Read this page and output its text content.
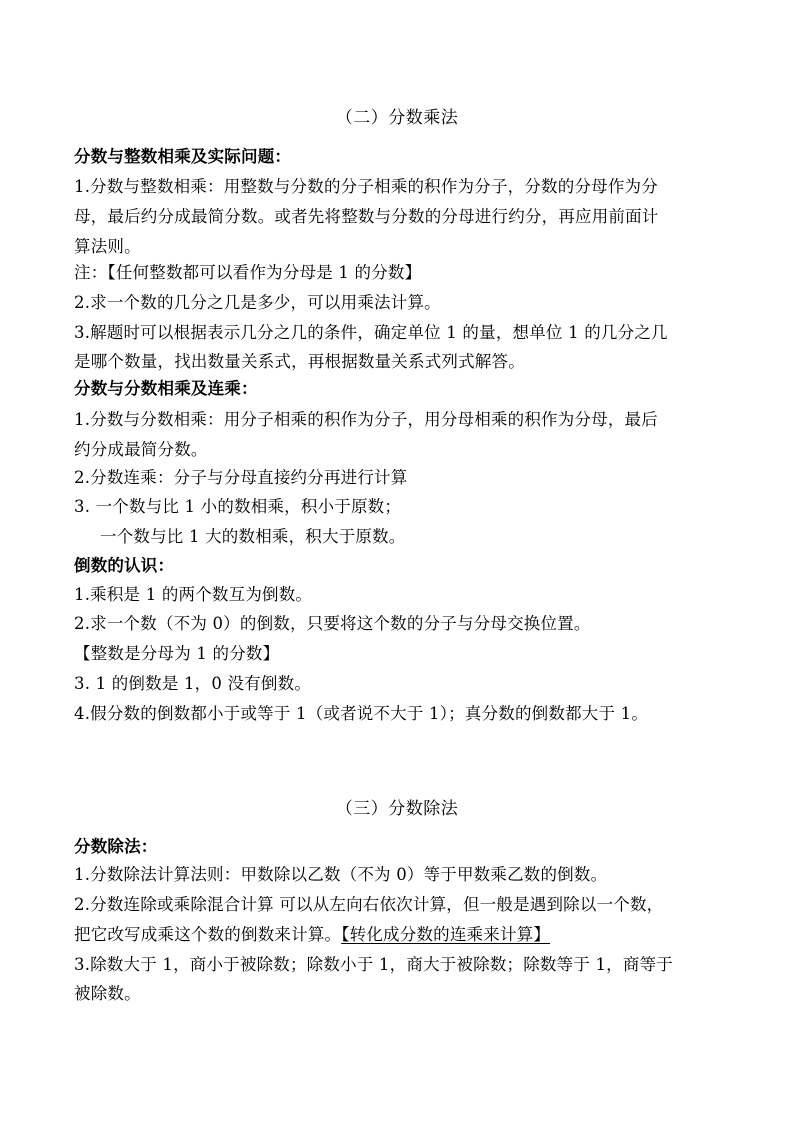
（二）分数乘法
分数与整数相乘及实际问题：
1.分数与整数相乘：用整数与分数的分子相乘的积作为分子，分数的分母作为分
母，最后约分成最简分数。或者先将整数与分数的分母进行约分，再应用前面计
算法则。
注：【任何整数都可以看作为分母是 1 的分数】
2.求一个数的几分之几是多少，可以用乘法计算。
3.解题时可以根据表示几分之几的条件，确定单位 1 的量，想单位 1 的几分之几
是哪个数量，找出数量关系式，再根据数量关系式列式解答。
分数与分数相乘及连乘：
1.分数与分数相乘：用分子相乘的积作为分子，用分母相乘的积作为分母，最后
约分成最简分数。
2.分数连乘：分子与分母直接约分再进行计算
3. 一个数与比 1 小的数相乘，积小于原数；
一个数与比 1 大的数相乘，积大于原数。
倒数的认识：
1.乘积是 1 的两个数互为倒数。
2.求一个数（不为 0）的倒数，只要将这个数的分子与分母交换位置。
【整数是分母为 1 的分数】
3. 1 的倒数是 1，0 没有倒数。
4.假分数的倒数都小于或等于 1（或者说不大于 1）；真分数的倒数都大于 1。
（三）分数除法
分数除法：
1.分数除法计算法则：甲数除以乙数（不为 0）等于甲数乘乙数的倒数。
2.分数连除或乘除混合计算 可以从左向右依次计算，但一般是遇到除以一个数，
把它改写成乘这个数的倒数来计算。【转化成分数的连乘来计算】
3.除数大于 1，商小于被除数；除数小于 1，商大于被除数；除数等于 1，商等于
被除数。
